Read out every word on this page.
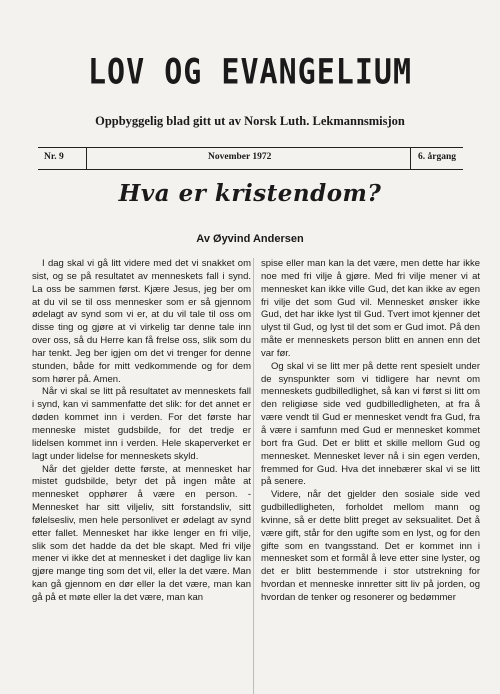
LOV OG EVANGELIUM
Oppbyggelig blad gitt ut av Norsk Luth. Lekmannsmisjon
Nr. 9	November 1972	6. årgang
Hva er kristendom?
Av Øyvind Andersen

I dag skal vi gå litt videre med det vi snakket om sist, og se på resultatet av menneskets fall i synd. La oss be sammen først. Kjære Jesus, jeg ber om at du vil se til oss mennesker som er så gjennom ødelagt av synd som vi er, at du vil tale til oss om disse ting og gjøre at vi virkelig tar denne tale inn over oss, så du Herre kan få frelse oss, slik som du har tenkt. Jeg ber igjen om det vi trenger for denne stunden, både for mitt vedkommende og for dem som hører på. Amen.

Når vi skal se litt på resultatet av menneskets fall i synd, kan vi sammenfatte det slik: for det annet er døden kommet inn i verden. For det første har menneske mistet gudsbilde, for det tredje er lidelsen kommet inn i verden. Hele skaperverket er lagt under lidelse for menneskets skyld.

Når det gjelder dette første, at mennesket har mistet gudsbilde, betyr det på ingen måte at mennesket opphører å være en person. - Mennesket har sitt viljeliv, sitt forstandsliv, sitt følelsesliv, men hele personlivet er ødelagt av synd etter fallet. Mennesket har ikke lenger en fri vilje, slik som det hadde da det ble skapt. Med fri vilje mener vi ikke det at mennesket i det daglige liv kan gjøre mange ting som det vil, eller la det være. Man kan gå gjennom en dør eller la det være, man kan gå på et møte eller la det være, man kan

spise eller man kan la det være, men dette har ikke noe med fri vilje å gjøre. Med fri vilje mener vi at mennesket kan ikke ville Gud, det kan ikke av egen fri vilje det som Gud vil. Mennesket ønsker ikke Gud, det har ikke lyst til Gud. Tvert imot kjenner det ulyst til Gud, og lyst til det som er Gud imot. På den måte er menneskets person blitt en annen enn det var før.

Og skal vi se litt mer på dette rent spesielt under de synspunkter som vi tidligere har nevnt om menneskets gudbilledlighet, så kan vi først si litt om den religiøse side ved gudbilledligheten, at fra å være vendt til Gud er mennesket vendt fra Gud, fra å være i samfunn med Gud er mennesket kommet bort fra Gud. Det er blitt et skille mellom Gud og mennesket. Mennesket lever nå i sin egen verden, fremmed for Gud. Hva det innebærer skal vi se litt på senere.

Videre, når det gjelder den sosiale side ved gudbilledligheten, forholdet mellom mann og kvinne, så er dette blitt preget av seksualitet. Det å være gift, står for den ugifte som en lyst, og for den gifte som en tvangsstand. Det er kommet inn i mennesket som et formål å leve etter sine lyster, og det er blitt bestemmende i stor utstrekning for hvordan et menneske innretter sitt liv på jorden, og hvordan de tenker og resonerer og bedømmer
